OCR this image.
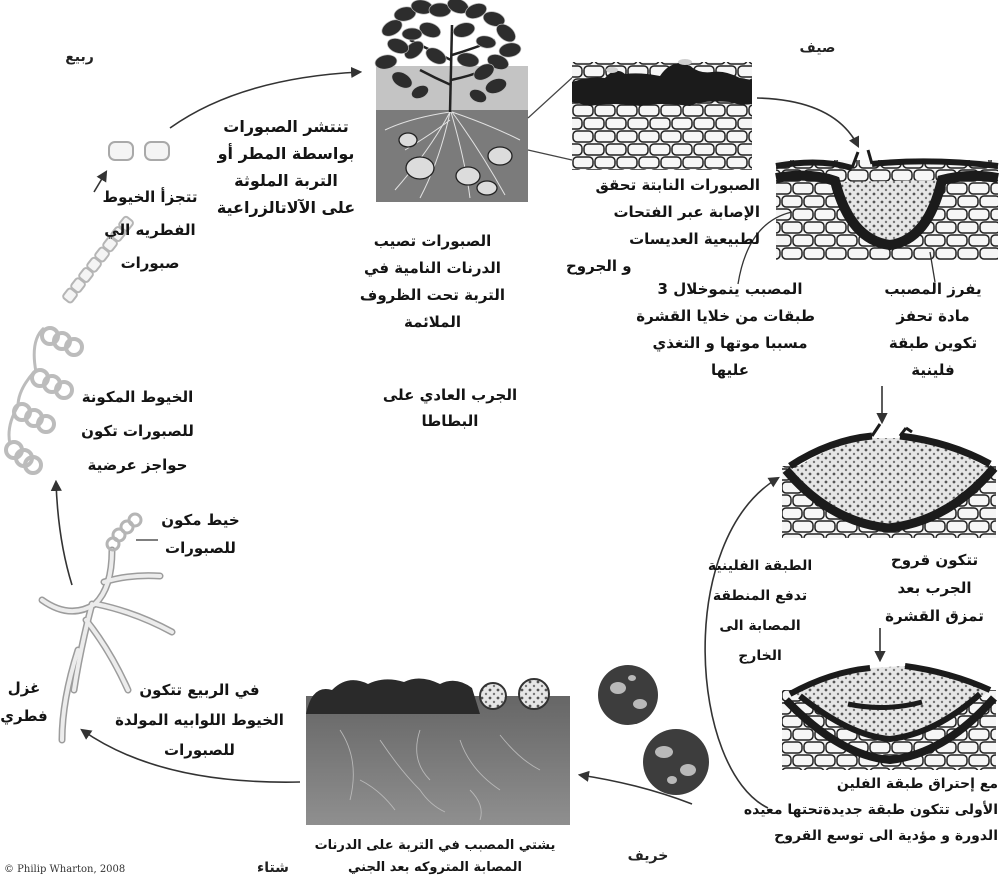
ربيع
صيف
خريف
شتاء
تنتشر الصبورات
بواسطة المطر أو
التربة الملوثة
على الآلاتالزراعية
تتجزأ الخيوط
الفطريه الي
صبورات
الصبورات تصيب
الدرنات النامية في
التربة تحت الظروف
الملائمة
الصبورات النابتة تحقق
الإصابة عبر الفتحات
لطبيعية العديسات
و الجروح
المصبب ينموخلال 3
طبقات من خلايا القشرة
مسببا موتها و التغذي
عليها
يفرز المصبب
مادة تحفز
تكوين طبقة
فلينية
الجرب العادي على
البطاطا
الخيوط المكونة
للصبورات تكون
حواجز عرضية
خيط مكون
للصبورات
الطبقة الفلينية
تدفع المنطقة
المصابة الى
الخارج
تتكون قروح
الجرب بعد
تمزق القشرة
غزل
فطري
في الربيع تتكون
الخيوط اللوابيه المولدة
للصبورات
مع إحتراق طبقة الفلين
الأولى تتكون طبقة جديدةتحتها معيده
الدورة و مؤدية الى توسع القروح
يشتي المصبب في التربة على الدرنات
المصابة المتروكه بعد الجني
© Philip Wharton, 2008
